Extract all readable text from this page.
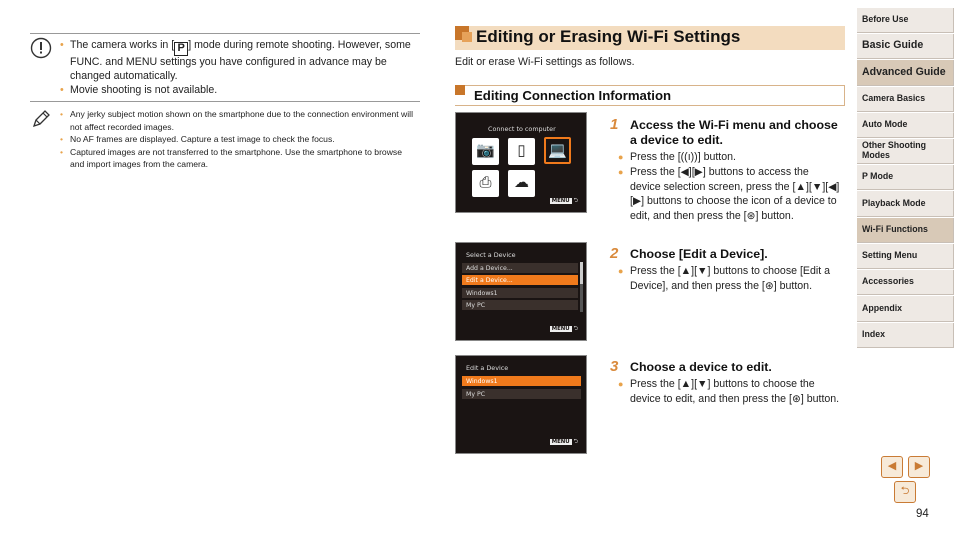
• The camera works in [ P ] mode during remote shooting. However, some FUNC. and MENU settings you have configured in advance may be changed automatically.
• Movie shooting is not available.
• Any jerky subject motion shown on the smartphone due to the connection environment will not affect recorded images.
• No AF frames are displayed. Capture a test image to check the focus.
• Captured images are not transferred to the smartphone. Use the smartphone to browse and import images from the camera.
Editing or Erasing Wi-Fi Settings
Edit or erase Wi-Fi settings as follows.
Editing Connection Information
Connect to computer
📷	▯	💻
⎙	☁
MENU ⮌
Select a Device
Add a Device...
Edit a Device...
Windows1
My PC
MENU ⮌
Edit a Device
Windows1
My PC
MENU ⮌
1 Access the Wi-Fi menu and choose a device to edit.
● Press the [((ı))] button.
● Press the [◀][▶] buttons to access the device selection screen, press the [▲][▼][◀][▶] buttons to choose the icon of a device to edit, and then press the [⊛] button.
2 Choose [Edit a Device].
● Press the [▲][▼] buttons to choose [Edit a Device], and then press the [⊛] button.
3 Choose a device to edit.
● Press the [▲][▼] buttons to choose the device to edit, and then press the [⊛] button.
Before Use
Basic Guide
Advanced Guide
Camera Basics
Auto Mode
Other Shooting Modes
P Mode
Playback Mode
Wi-Fi Functions
Setting Menu
Accessories
Appendix
Index
◀	▶
⮌
94
